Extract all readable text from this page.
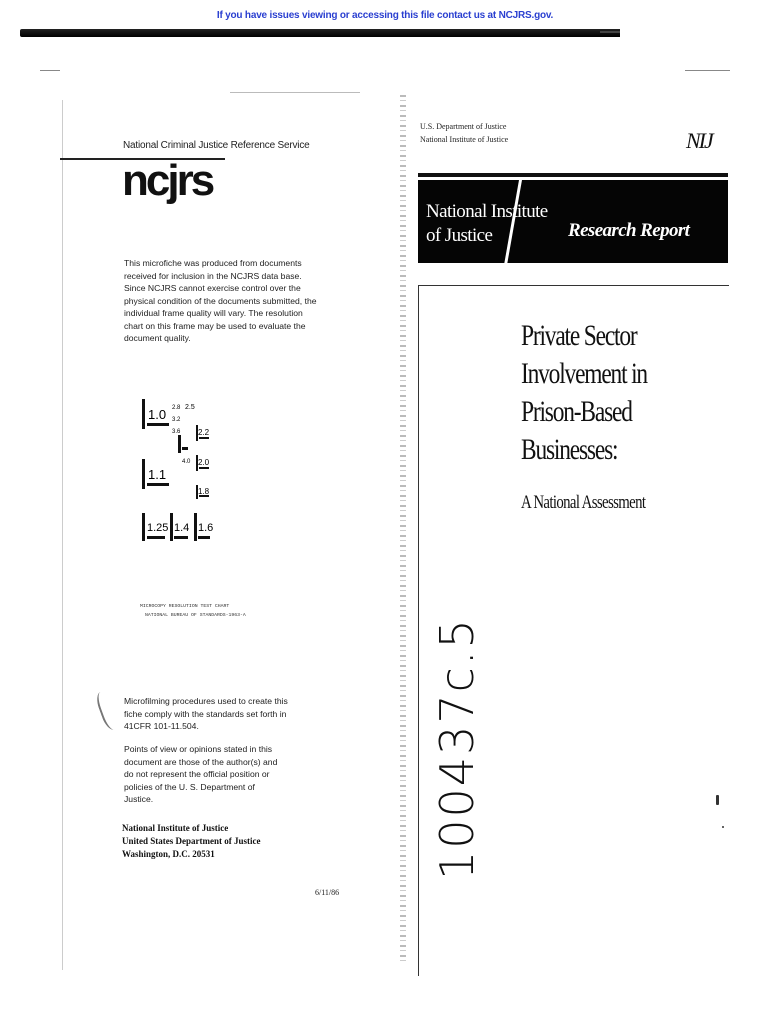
If you have issues viewing or accessing this file contact us at NCJRS.gov.
National Criminal Justice Reference Service
ncjrs
This microfiche was produced from documents received for inclusion in the NCJRS data base. Since NCJRS cannot exercise control over the physical condition of the documents submitted, the individual frame quality will vary. The resolution chart on this frame may be used to evaluate the document quality.
1.0
1.1
1.25 1.4 1.6
2.8 2.5
3.2
2.2
3.6
2.0
4.0
1.8
MICROCOPY RESOLUTION TEST CHART
NATIONAL BUREAU OF STANDARDS-1963-A
Microfilming procedures used to create this fiche comply with the standards set forth in 41CFR 101-11.504.
Points of view or opinions stated in this document are those of the author(s) and do not represent the official position or policies of the U. S. Department of Justice.
National Institute of Justice
United States Department of Justice
Washington, D.C. 20531
6/11/86
U.S. Department of Justice
National Institute of Justice	NIJ
National Institute
of Justice	Research Report
Private Sector
Involvement in
Prison-Based
Businesses:
A National Assessment
100437c.5
